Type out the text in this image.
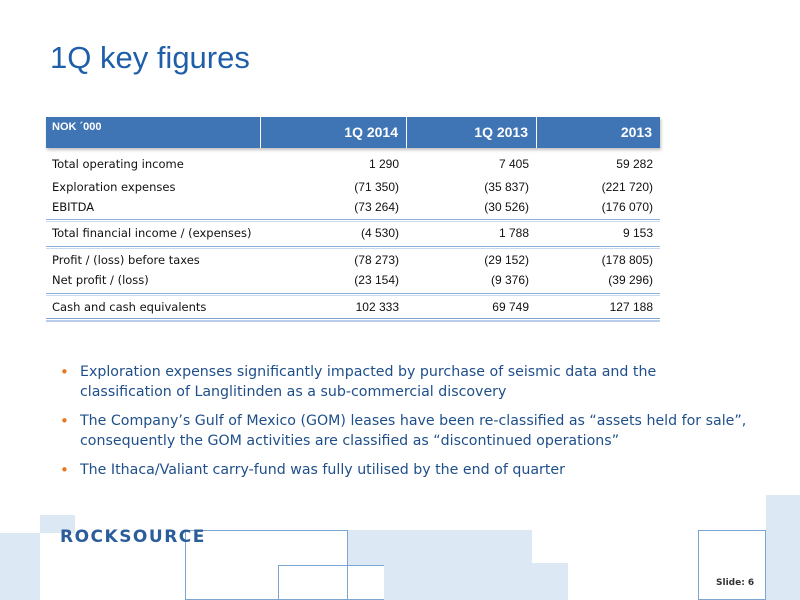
1Q key figures
NOK ´000	1Q 2014	1Q 2013	2013
Total operating income	1 290	7 405	59 282
Exploration expenses	(71 350)	(35 837)	(221 720)
EBITDA	(73 264)	(30 526)	(176 070)
Total financial income / (expenses)	(4 530)	1 788	9 153
Profit / (loss) before taxes	(78 273)	(29 152)	(178 805)
Net profit / (loss)	(23 154)	(9 376)	(39 296)
Cash and cash equivalents	102 333	69 749	127 188
• Exploration expenses significantly impacted by purchase of seismic data and the classification of Langlitinden as a sub-commercial discovery
• The Company’s Gulf of Mexico (GOM) leases have been re-classified as “assets held for sale”, consequently the GOM activities are classified as “discontinued operations”
• The Ithaca/Valiant carry-fund was fully utilised by the end of quarter
ROCKSOURCE
Slide: 6
